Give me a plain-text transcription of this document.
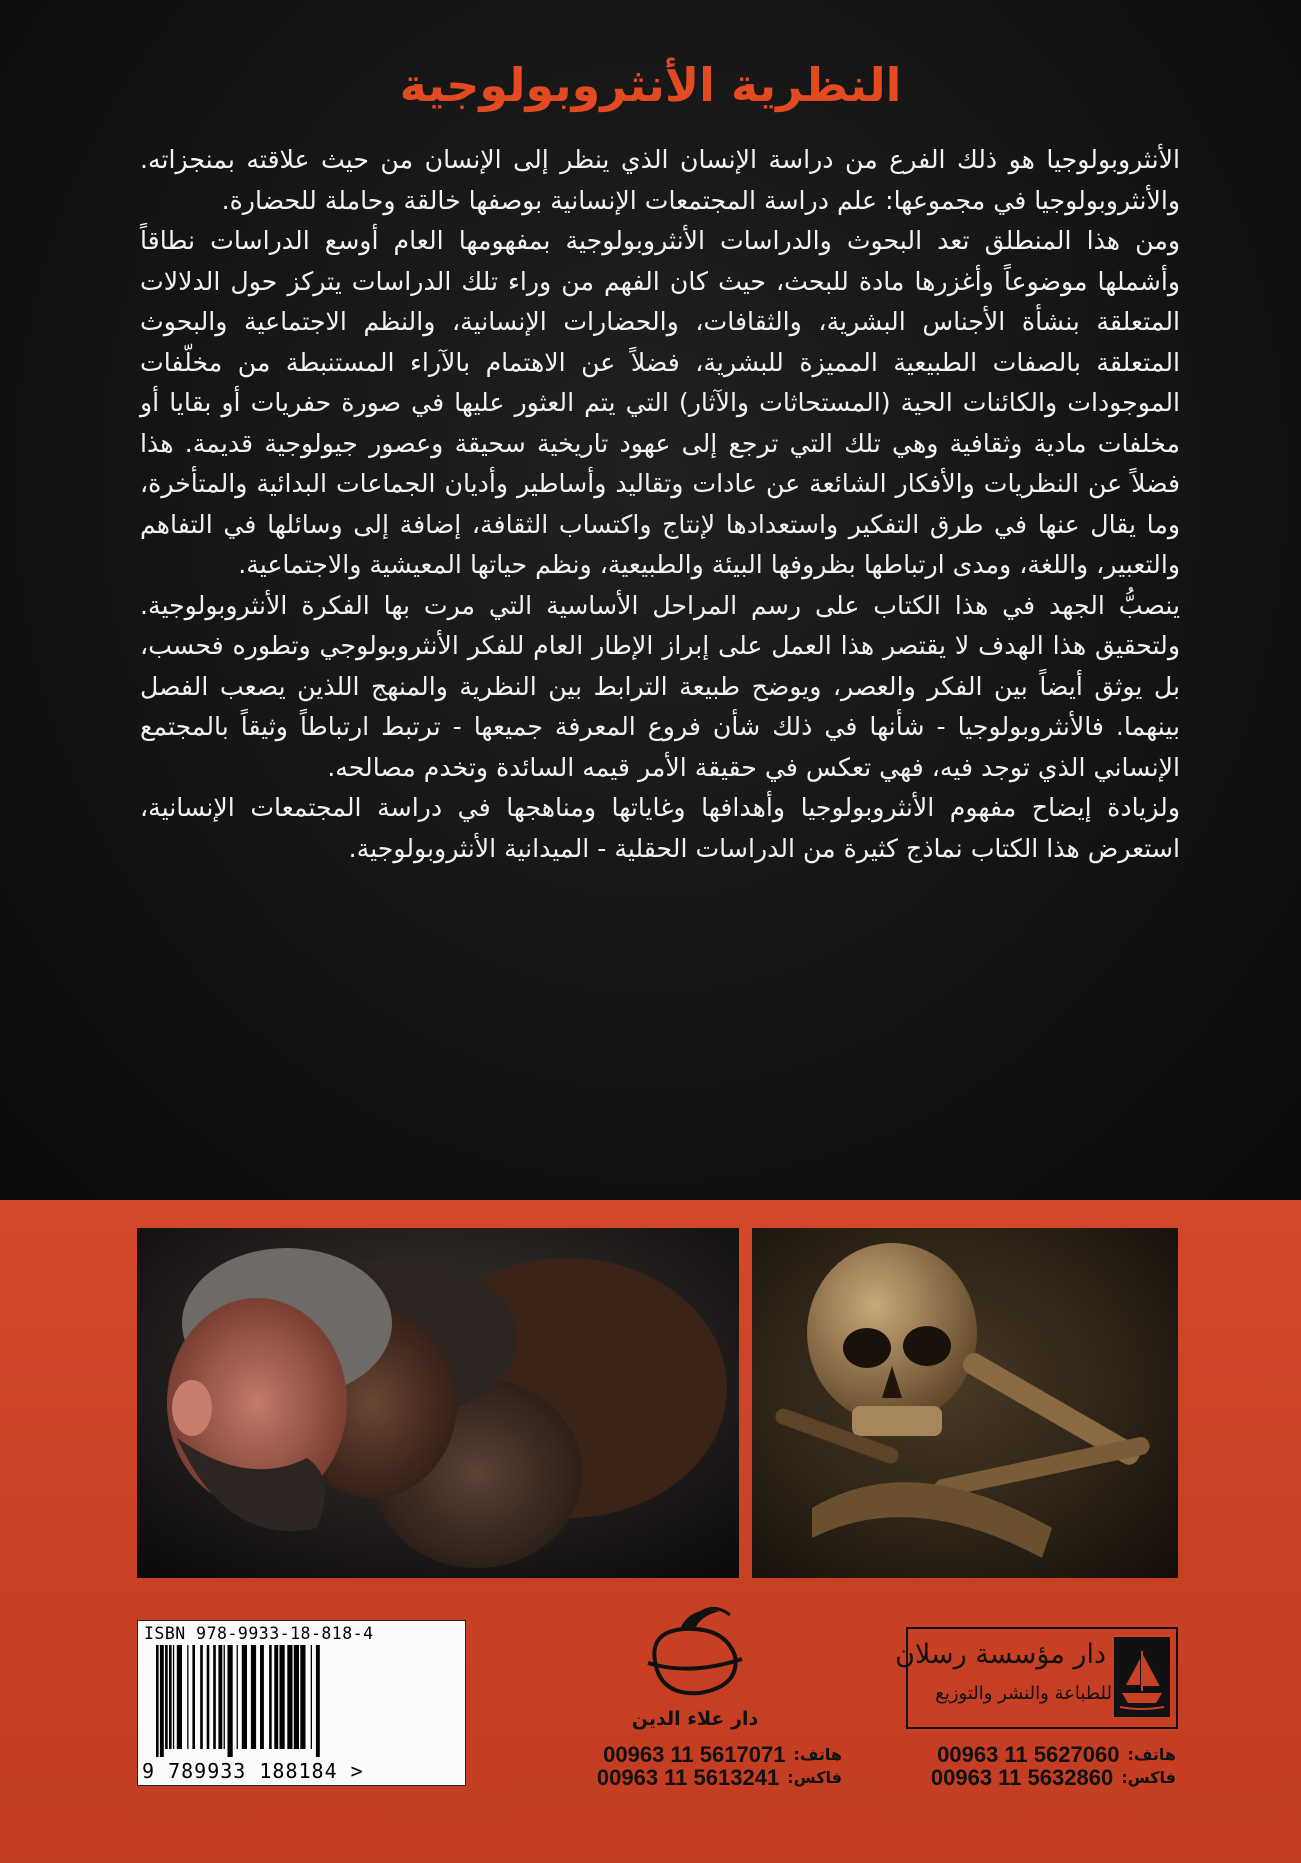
النظرية الأنثروبولوجية

الأنثروبولوجيا هو ذلك الفرع من دراسة الإنسان الذي ينظر إلى الإنسان من حيث علاقته بمنجزاته. والأنثروبولوجيا في مجموعها: علم دراسة المجتمعات الإنسانية بوصفها خالقة وحاملة للحضارة.

ومن هذا المنطلق تعد البحوث والدراسات الأنثروبولوجية بمفهومها العام أوسع الدراسات نطاقاً وأشملها موضوعاً وأغزرها مادة للبحث، حيث كان الفهم من وراء تلك الدراسات يتركز حول الدلالات المتعلقة بنشأة الأجناس البشرية، والثقافات، والحضارات الإنسانية، والنظم الاجتماعية والبحوث المتعلقة بالصفات الطبيعية المميزة للبشرية، فضلاً عن الاهتمام بالآراء المستنبطة من مخلّفات الموجودات والكائنات الحية (المستحاثات والآثار) التي يتم العثور عليها في صورة حفريات أو بقايا أو مخلفات مادية وثقافية وهي تلك التي ترجع إلى عهود تاريخية سحيقة وعصور جيولوجية قديمة. هذا فضلاً عن النظريات والأفكار الشائعة عن عادات وتقاليد وأساطير وأديان الجماعات البدائية والمتأخرة، وما يقال عنها في طرق التفكير واستعدادها لإنتاج واكتساب الثقافة، إضافة إلى وسائلها في التفاهم والتعبير، واللغة، ومدى ارتباطها بظروفها البيئة والطبيعية، ونظم حياتها المعيشية والاجتماعية.

ينصبُّ الجهد في هذا الكتاب على رسم المراحل الأساسية التي مرت بها الفكرة الأنثروبولوجية. ولتحقيق هذا الهدف لا يقتصر هذا العمل على إبراز الإطار العام للفكر الأنثروبولوجي وتطوره فحسب، بل يوثق أيضاً بين الفكر والعصر، ويوضح طبيعة الترابط بين النظرية والمنهج اللذين يصعب الفصل بينهما. فالأنثروبولوجيا - شأنها في ذلك شأن فروع المعرفة جميعها - ترتبط ارتباطاً وثيقاً بالمجتمع الإنساني الذي توجد فيه، فهي تعكس في حقيقة الأمر قيمه السائدة وتخدم مصالحه.

ولزيادة إيضاح مفهوم الأنثروبولوجيا وأهدافها وغاياتها ومناهجها في دراسة المجتمعات الإنسانية، استعرض هذا الكتاب نماذج كثيرة من الدراسات الحقلية - الميدانية الأنثروبولوجية.

ISBN 978-9933-18-818-4
9 789933 188184 >
دار علاء الدين
00963 11 5617071 هاتف:
00963 11 5613241 فاكس:
دار مؤسسة رسلان
للطباعة والنشر والتوزيع
00963 11 5627060 هاتف:
00963 11 5632860 فاكس:
